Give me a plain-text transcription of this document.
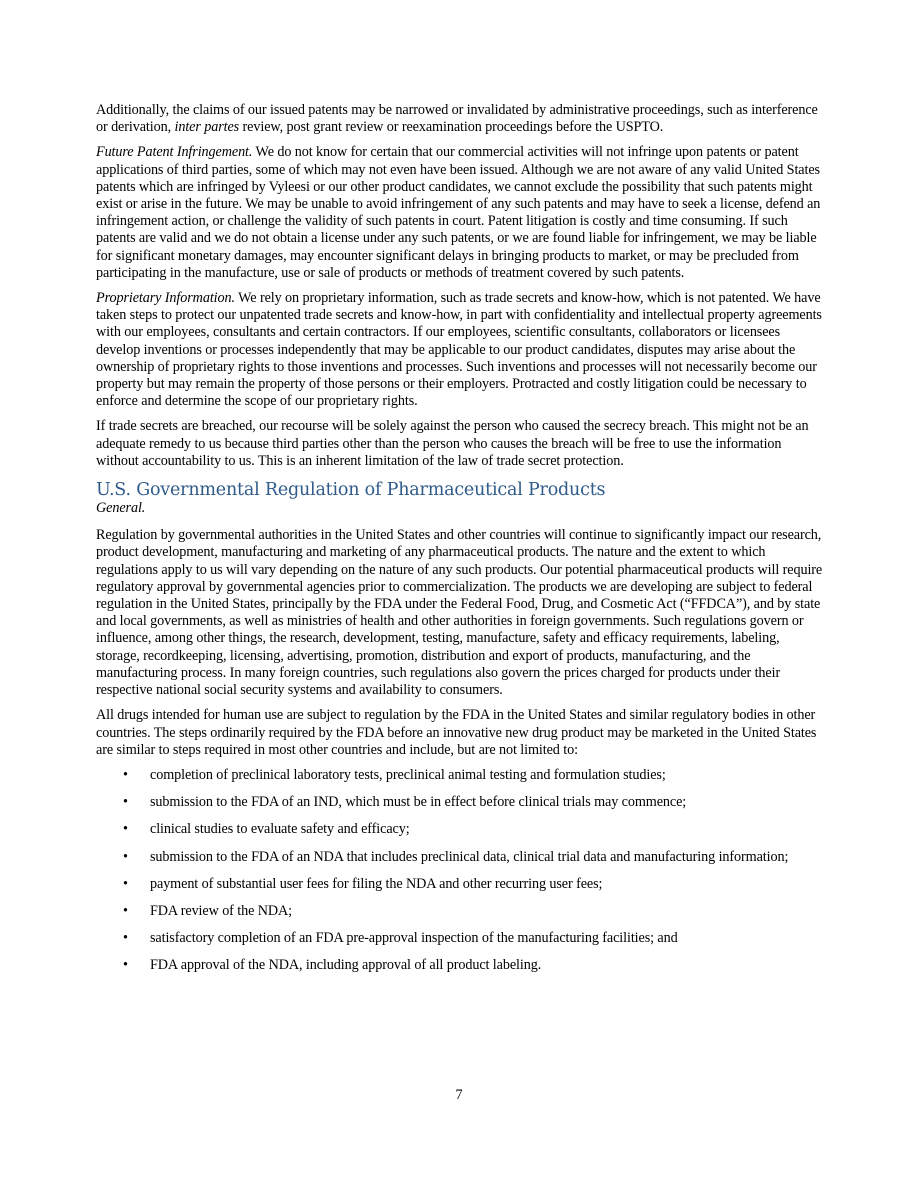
Additionally, the claims of our issued patents may be narrowed or invalidated by administrative proceedings, such as interference or derivation, inter partes review, post grant review or reexamination proceedings before the USPTO.

Future Patent Infringement. We do not know for certain that our commercial activities will not infringe upon patents or patent applications of third parties, some of which may not even have been issued. Although we are not aware of any valid United States patents which are infringed by Vyleesi or our other product candidates, we cannot exclude the possibility that such patents might exist or arise in the future. We may be unable to avoid infringement of any such patents and may have to seek a license, defend an infringement action, or challenge the validity of such patents in court. Patent litigation is costly and time consuming. If such patents are valid and we do not obtain a license under any such patents, or we are found liable for infringement, we may be liable for significant monetary damages, may encounter significant delays in bringing products to market, or may be precluded from participating in the manufacture, use or sale of products or methods of treatment covered by such patents.

Proprietary Information. We rely on proprietary information, such as trade secrets and know-how, which is not patented. We have taken steps to protect our unpatented trade secrets and know-how, in part with confidentiality and intellectual property agreements with our employees, consultants and certain contractors. If our employees, scientific consultants, collaborators or licensees develop inventions or processes independently that may be applicable to our product candidates, disputes may arise about the ownership of proprietary rights to those inventions and processes. Such inventions and processes will not necessarily become our property but may remain the property of those persons or their employers. Protracted and costly litigation could be necessary to enforce and determine the scope of our proprietary rights.

If trade secrets are breached, our recourse will be solely against the person who caused the secrecy breach. This might not be an adequate remedy to us because third parties other than the person who causes the breach will be free to use the information without accountability to us. This is an inherent limitation of the law of trade secret protection.

U.S. Governmental Regulation of Pharmaceutical Products
General.

Regulation by governmental authorities in the United States and other countries will continue to significantly impact our research, product development, manufacturing and marketing of any pharmaceutical products. The nature and the extent to which regulations apply to us will vary depending on the nature of any such products. Our potential pharmaceutical products will require regulatory approval by governmental agencies prior to commercialization. The products we are developing are subject to federal regulation in the United States, principally by the FDA under the Federal Food, Drug, and Cosmetic Act (“FFDCA”), and by state and local governments, as well as ministries of health and other authorities in foreign governments. Such regulations govern or influence, among other things, the research, development, testing, manufacture, safety and efficacy requirements, labeling, storage, recordkeeping, licensing, advertising, promotion, distribution and export of products, manufacturing, and the manufacturing process. In many foreign countries, such regulations also govern the prices charged for products under their respective national social security systems and availability to consumers.

All drugs intended for human use are subject to regulation by the FDA in the United States and similar regulatory bodies in other countries. The steps ordinarily required by the FDA before an innovative new drug product may be marketed in the United States are similar to steps required in most other countries and include, but are not limited to:

• completion of preclinical laboratory tests, preclinical animal testing and formulation studies;
• submission to the FDA of an IND, which must be in effect before clinical trials may commence;
• clinical studies to evaluate safety and efficacy;
• submission to the FDA of an NDA that includes preclinical data, clinical trial data and manufacturing information;
• payment of substantial user fees for filing the NDA and other recurring user fees;
• FDA review of the NDA;
• satisfactory completion of an FDA pre-approval inspection of the manufacturing facilities; and
• FDA approval of the NDA, including approval of all product labeling.
7
